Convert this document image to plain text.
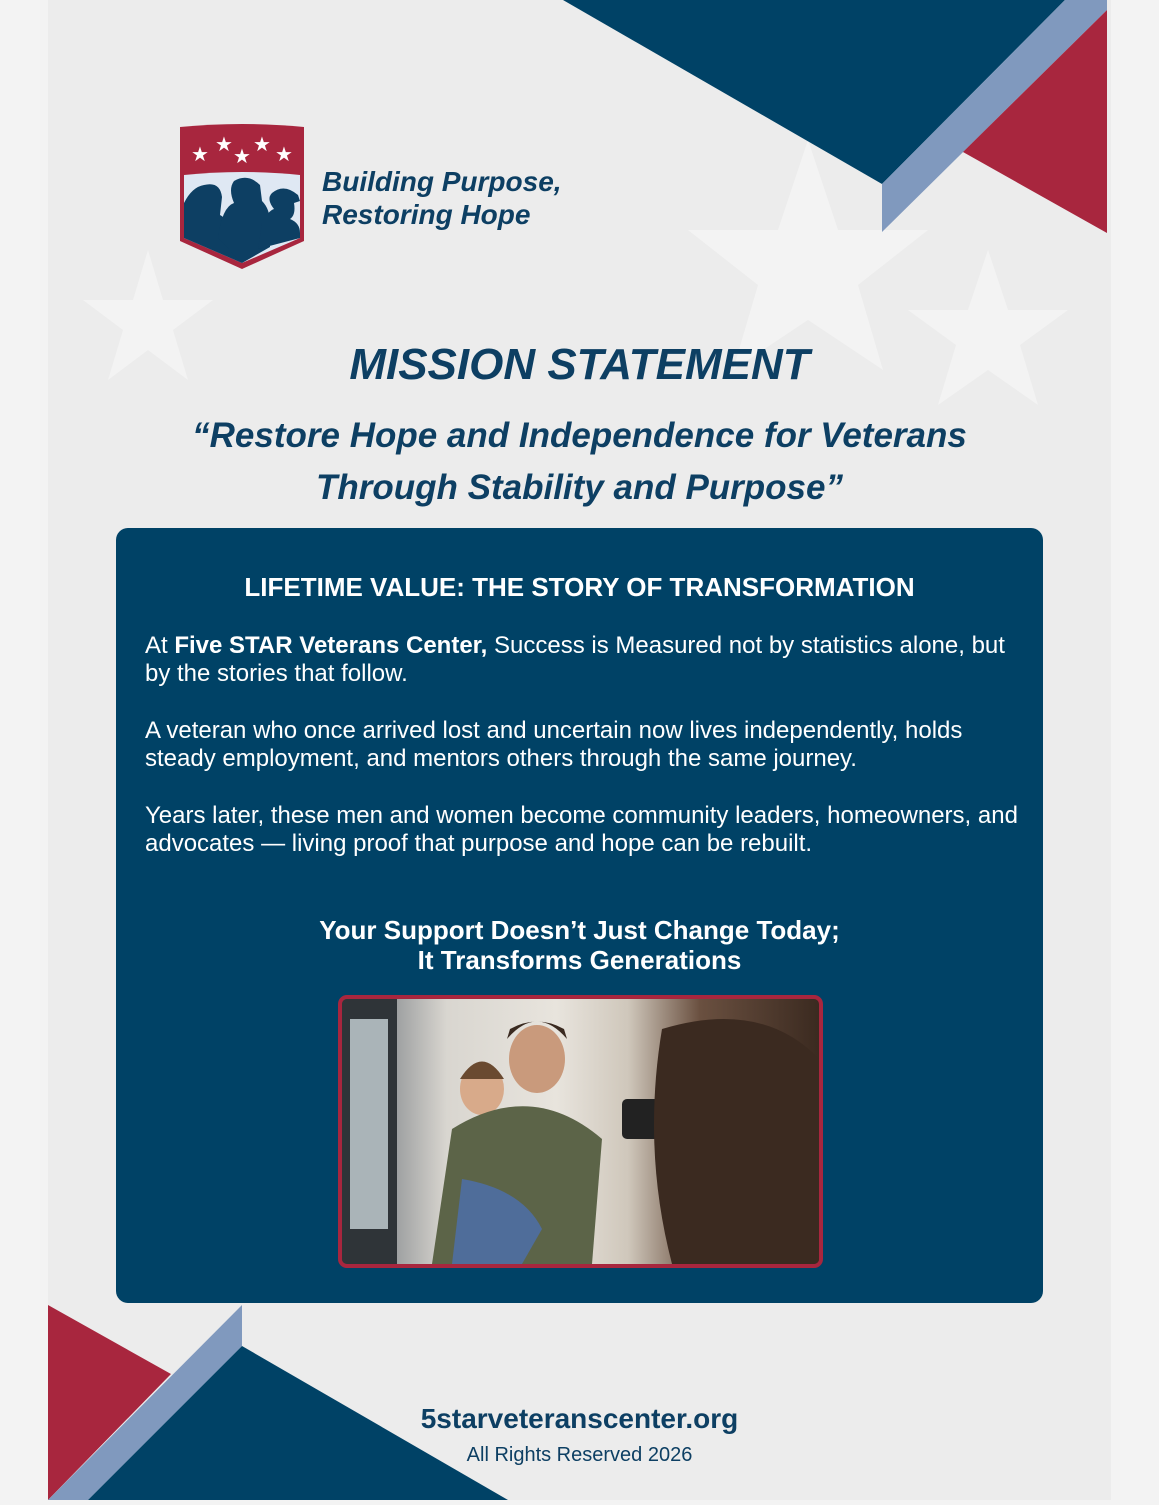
★ ★
★
★ ★
Building Purpose,
Restoring Hope
MISSION STATEMENT
“Restore Hope and Independence for Veterans
Through Stability and Purpose”
LIFETIME VALUE: THE STORY OF TRANSFORMATION

At Five STAR Veterans Center, Success is Measured not by statistics alone, but by the stories that follow.

A veteran who once arrived lost and uncertain now lives independently, holds steady employment, and mentors others through the same journey.

Years later, these men and women become community leaders, homeowners, and advocates — living proof that purpose and hope can be rebuilt.

Your Support Doesn’t Just Change Today;
It Transforms Generations
5starveteranscenter.org
All Rights Reserved 2026
